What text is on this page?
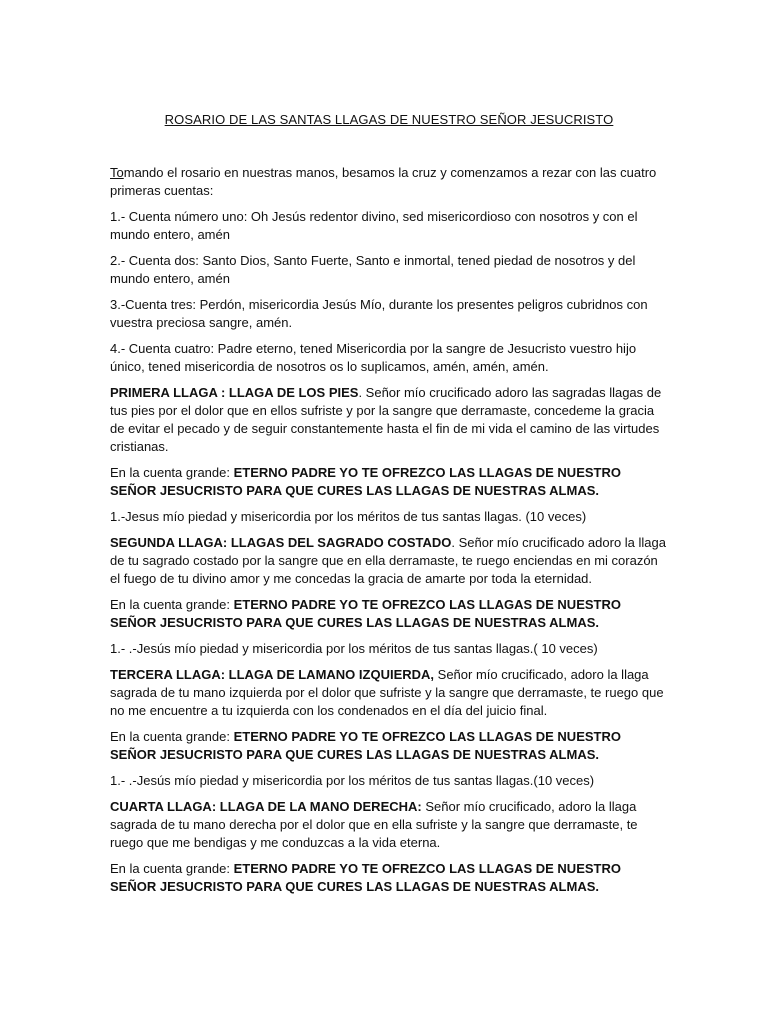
ROSARIO DE LAS SANTAS LLAGAS DE NUESTRO SEÑOR JESUCRISTO

Tomando el rosario en nuestras manos, besamos la cruz y comenzamos a rezar con las cuatro primeras cuentas:

1.- Cuenta número uno: Oh Jesús redentor divino, sed misericordioso con nosotros y con el mundo entero, amén

2.- Cuenta dos: Santo Dios, Santo Fuerte, Santo e inmortal, tened piedad de nosotros y del mundo entero, amén

3.-Cuenta tres: Perdón, misericordia Jesús Mío, durante los presentes peligros cubridnos con vuestra preciosa sangre, amén.

4.- Cuenta cuatro: Padre eterno, tened Misericordia por la sangre de Jesucristo vuestro hijo único, tened misericordia de nosotros os lo suplicamos, amén, amén, amén.

PRIMERA LLAGA : LLAGA DE LOS PIES. Señor mío crucificado adoro las sagradas llagas de tus pies por el dolor que en ellos sufriste y por la sangre que derramaste, concedeme la gracia de evitar el pecado y de seguir constantemente hasta el fin de mi vida el camino de las virtudes cristianas.

En la cuenta grande: ETERNO PADRE YO TE OFREZCO LAS LLAGAS DE NUESTRO SEÑOR JESUCRISTO PARA QUE CURES LAS LLAGAS DE NUESTRAS ALMAS.

1.-Jesus mío piedad y misericordia por los méritos de tus santas llagas. (10 veces)

SEGUNDA LLAGA: LLAGAS DEL SAGRADO COSTADO. Señor mío crucificado adoro la llaga de tu sagrado costado por la sangre que en ella derramaste, te ruego enciendas en mi corazón el fuego de tu divino amor y me concedas la gracia de amarte por toda la eternidad.

En la cuenta grande: ETERNO PADRE YO TE OFREZCO LAS LLAGAS DE NUESTRO SEÑOR JESUCRISTO PARA QUE CURES LAS LLAGAS DE NUESTRAS ALMAS.

1.- .-Jesús mío piedad y misericordia por los méritos de tus santas llagas.( 10 veces)

TERCERA LLAGA: LLAGA DE LAMANO IZQUIERDA, Señor mío crucificado, adoro la llaga sagrada de tu mano izquierda por el dolor que sufriste y la sangre que derramaste, te ruego que no me encuentre a tu izquierda con los condenados en el día del juicio final.

En la cuenta grande: ETERNO PADRE YO TE OFREZCO LAS LLAGAS DE NUESTRO SEÑOR JESUCRISTO PARA QUE CURES LAS LLAGAS DE NUESTRAS ALMAS.

1.- .-Jesús mío piedad y misericordia por los méritos de tus santas llagas.(10 veces)

CUARTA LLAGA: LLAGA DE LA MANO DERECHA: Señor mío crucificado, adoro la llaga sagrada de tu mano derecha por el dolor que en ella sufriste y la sangre que derramaste, te ruego que me bendigas y me conduzcas a la vida eterna.

En la cuenta grande: ETERNO PADRE YO TE OFREZCO LAS LLAGAS DE NUESTRO SEÑOR JESUCRISTO PARA QUE CURES LAS LLAGAS DE NUESTRAS ALMAS.
